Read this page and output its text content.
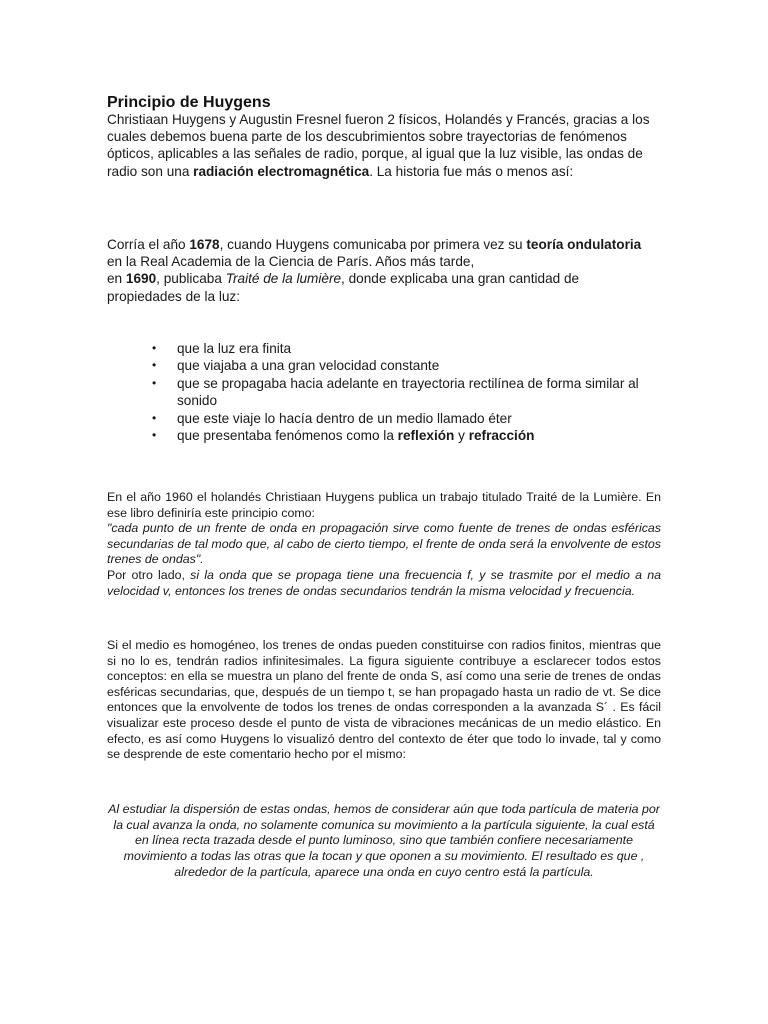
Principio de Huygens

Christiaan Huygens y Augustin Fresnel fueron 2 físicos, Holandés y Francés, gracias a los cuales debemos buena parte de los descubrimientos sobre trayectorias de fenómenos ópticos, aplicables a las señales de radio, porque, al igual que la luz visible, las ondas de radio son una radiación electromagnética. La historia fue más o menos así:

Corría el año 1678, cuando Huygens comunicaba por primera vez su teoría ondulatoria en la Real Academia de la Ciencia de París. Años más tarde,
en 1690, publicaba Traité de la lumière, donde explicaba una gran cantidad de propiedades de la luz:

• que la luz era finita
• que viajaba a una gran velocidad constante
• que se propagaba hacia adelante en trayectoria rectilínea de forma similar al sonido
• que este viaje lo hacía dentro de un medio llamado éter
• que presentaba fenómenos como la reflexión y refracción

En el año 1960 el holandés Christiaan Huygens publica un trabajo titulado Traité de la Lumière. En ese libro definiría este principio como:
"cada punto de un frente de onda en propagación sirve como fuente de trenes de ondas esféricas secundarias de tal modo que, al cabo de cierto tiempo, el frente de onda será la envolvente de estos trenes de ondas".
Por otro lado, si la onda que se propaga tiene una frecuencia f, y se trasmite por el medio a na velocidad v, entonces los trenes de ondas secundarios tendrán la misma velocidad y frecuencia.

Si el medio es homogéneo, los trenes de ondas pueden constituirse con radios finitos, mientras que si no lo es, tendrán radios infinitesimales. La figura siguiente contribuye a esclarecer todos estos conceptos: en ella se muestra un plano del frente de onda S, así como una serie de trenes de ondas esféricas secundarias, que, después de un tiempo t, se han propagado hasta un radio de vt. Se dice entonces que la envolvente de todos los trenes de ondas corresponden a la avanzada S´ . Es fácil visualizar este proceso desde el punto de vista de vibraciones mecánicas de un medio elástico. En efecto, es así como Huygens lo visualizó dentro del contexto de éter que todo lo invade, tal y como se desprende de este comentario hecho por el mismo:

Al estudiar la dispersión de estas ondas, hemos de considerar aún que toda partícula de materia por la cual avanza la onda, no solamente comunica su movimiento a la partícula siguiente, la cual está en línea recta trazada desde el punto luminoso, sino que también confiere necesariamente movimiento a todas las otras que la tocan y que oponen a su movimiento. El resultado es que , alrededor de la partícula, aparece una onda en cuyo centro está la partícula.
